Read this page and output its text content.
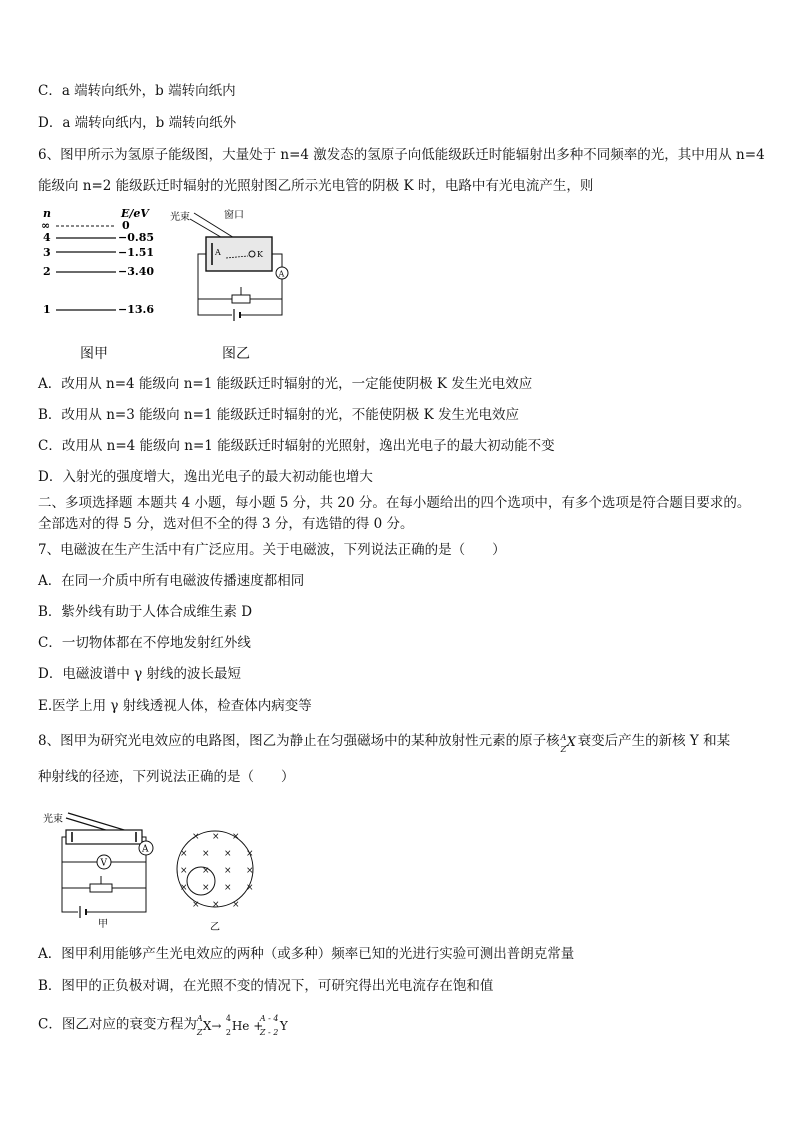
C．a 端转向纸外，b 端转向纸内
D．a 端转向纸内，b 端转向纸外
6、图甲所示为氢原子能级图，大量处于 n=4 激发态的氢原子向低能级跃迁时能辐射出多种不同频率的光，其中用从 n=4
能级向 n=2 能级跃迁时辐射的光照射图乙所示光电管的阴极 K 时，电路中有光电流产生，则
n	E/eV
∞	0
4	−0.85
3	−1.51
2	−3.40
1	−13.6
光束	窗口
A	K
A
图甲	图乙
A．改用从 n=4 能级向 n=1 能级跃迁时辐射的光，一定能使阴极 K 发生光电效应
B．改用从 n=3 能级向 n=1 能级跃迁时辐射的光，不能使阴极 K 发生光电效应
C．改用从 n=4 能级向 n=1 能级跃迁时辐射的光照射，逸出光电子的最大初动能不变
D．入射光的强度增大，逸出光电子的最大初动能也增大
二、多项选择题 本题共 4 小题，每小题 5 分，共 20 分。在每小题给出的四个选项中，有多个选项是符合题目要求的。
全部选对的得 5 分，选对但不全的得 3 分，有选错的得 0 分。
7、电磁波在生产生活中有广泛应用。关于电磁波，下列说法正确的是（　　）
A．在同一介质中所有电磁波传播速度都相同
B．紫外线有助于人体合成维生素 D
C．一切物体都在不停地发射红外线
D．电磁波谱中 γ 射线的波长最短
E.医学上用 γ 射线透视人体，检查体内病变等
8、图甲为研究光电效应的电路图，图乙为静止在匀强磁场中的某种放射性元素的原子核 A
Z X 衰变后产生的新核 Y 和某
种射线的径迹，下列说法正确的是（　　）
光束
A
V
甲
× × ×
× × × ×
× × × ×
× × × ×
× × ×
乙
A．图甲利用能够产生光电效应的两种（或多种）频率已知的光进行实验可测出普朗克常量
B．图甲的正负极对调，在光照不变的情况下，可研究得出光电流存在饱和值
C．图乙对应的衰变方程为 A
Z X→
4
2 He +
A - 4
Z - 2 Y
